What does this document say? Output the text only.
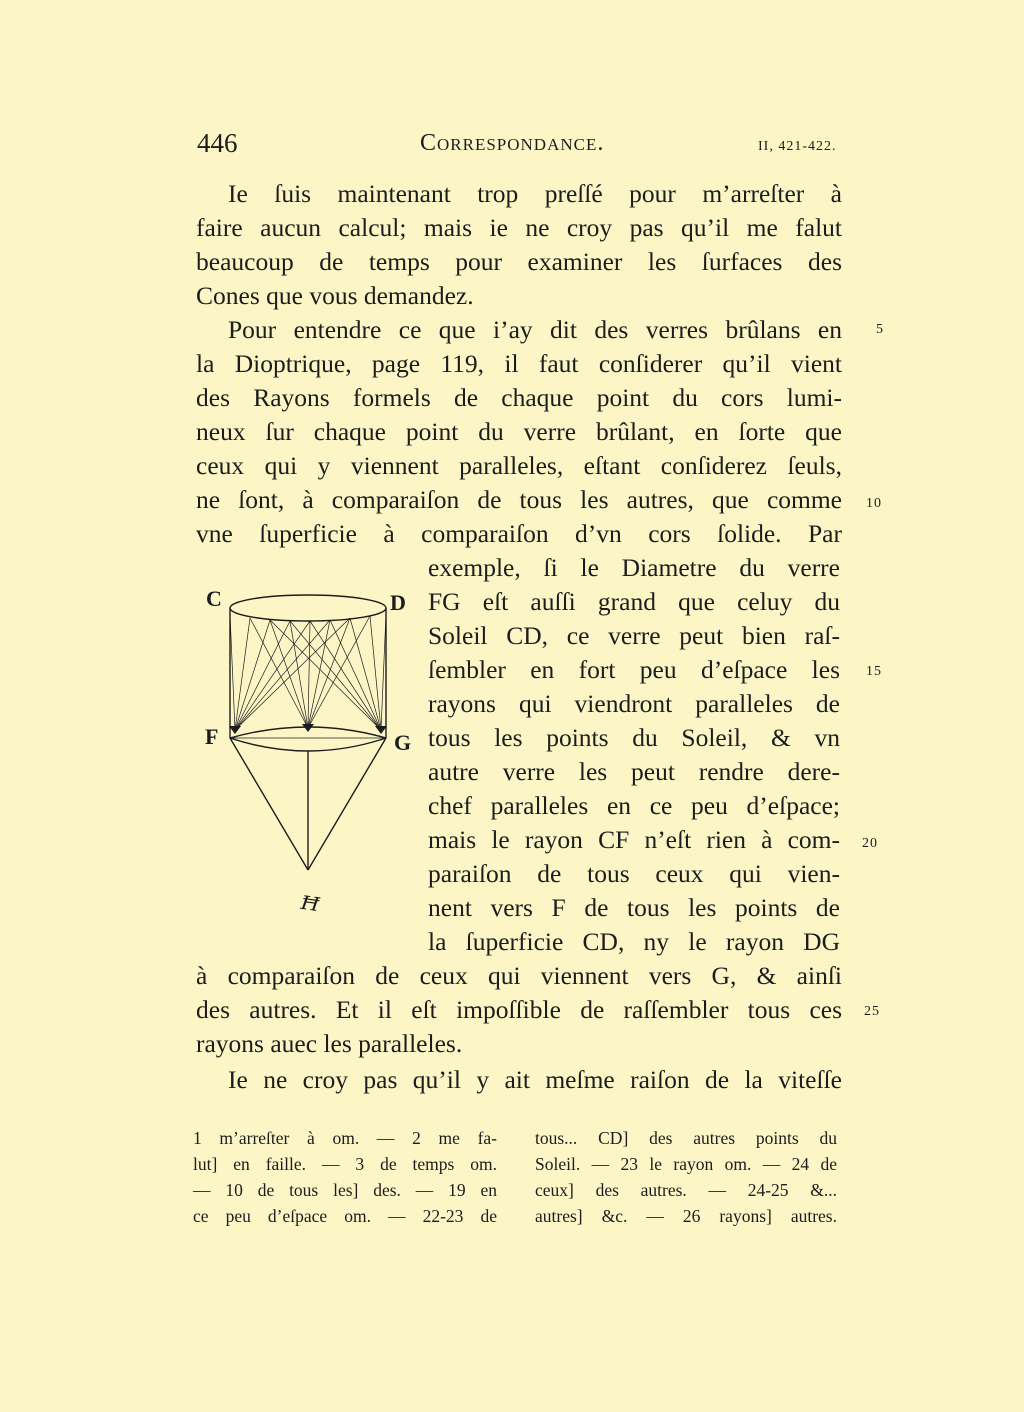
446	Correspondance.	II, 421-422.
Ie ſuis maintenant trop preſſé pour m’arreſter à
faire aucun calcul; mais ie ne croy pas qu’il me falut
beaucoup de temps pour examiner les ſurfaces des
Cones que vous demandez.
Pour entendre ce que i’ay dit des verres brûlans en
la Dioptrique, page 119, il faut conſiderer qu’il vient
des Rayons formels de chaque point du cors lumi-
neux ſur chaque point du verre brûlant, en ſorte que
ceux qui y viennent paralleles, eſtant conſiderez ſeuls,
ne ſont, à comparaiſon de tous les autres, que comme
vne ſuperficie à comparaiſon d’vn cors ſolide. Par
exemple, ſi le Diametre du verre
FG eſt auſſi grand que celuy du
Soleil CD, ce verre peut bien raſ-
ſembler en fort peu d’eſpace les
rayons qui viendront paralleles de
tous les points du Soleil, & vn
autre verre les peut rendre dere-
chef paralleles en ce peu d’eſpace;
mais le rayon CF n’eſt rien à com-
paraiſon de tous ceux qui vien-
nent vers F de tous les points de
la ſuperficie CD, ny le rayon DG
à comparaiſon de ceux qui viennent vers G, & ainſi
des autres. Et il eſt impoſſible de raſſembler tous ces
rayons auec les paralleles.
Ie ne croy pas qu’il y ait meſme raiſon de la viteſſe
5
10
15
20
25
C	D
F	G
ꟸ
1 m’arreſter à om. — 2 me fa-
lut] en faille. — 3 de temps om.
— 10 de tous les] des. — 19 en
ce peu d’eſpace om. — 22-23 de
tous... CD] des autres points du
Soleil. — 23 le rayon om. — 24 de
ceux] des autres. — 24-25 &...
autres] &c. — 26 rayons] autres.
